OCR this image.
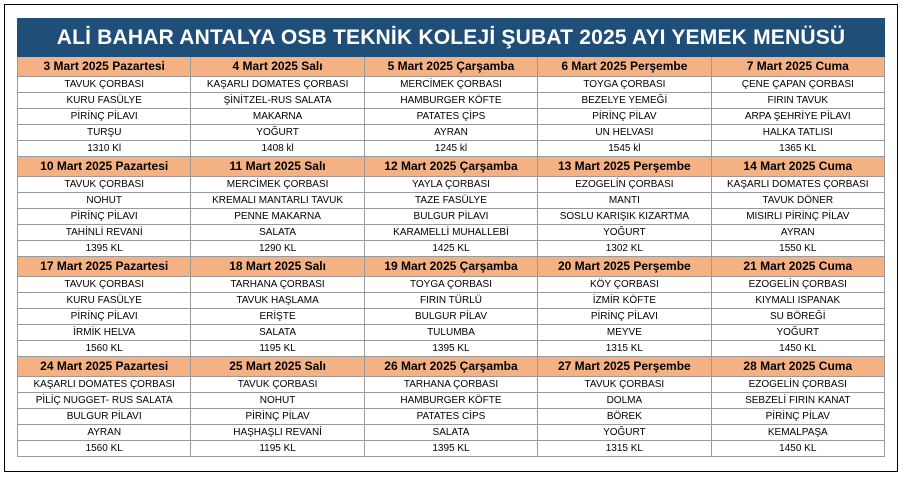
ALİ BAHAR ANTALYA OSB TEKNİK KOLEJİ ŞUBAT 2025 AYI YEMEK MENÜSÜ				
3 Mart 2025 Pazartesi	4 Mart 2025 Salı	5 Mart 2025 Çarşamba	6 Mart 2025 Perşembe	7 Mart 2025 Cuma
TAVUK ÇORBASI	KAŞARLI DOMATES ÇORBASI	MERCİMEK ÇORBASI	TOYGA ÇORBASI	ÇENE ÇAPAN ÇORBASI
KURU FASÜLYE	ŞİNİTZEL-RUS SALATA	HAMBURGER KÖFTE	BEZELYE YEMEĞİ	FIRIN TAVUK
PİRİNÇ PİLAVI	MAKARNA	PATATES ÇİPS	PİRİNÇ PİLAV	ARPA ŞEHRİYE PİLAVI
TURŞU	YOĞURT	AYRAN	UN HELVASI	HALKA TATLISI
1310 Kl	1408 kl	1245 kl	1545 kl	1365 KL
10 Mart 2025 Pazartesi	11 Mart 2025 Salı	12 Mart 2025 Çarşamba	13 Mart 2025 Perşembe	14 Mart 2025 Cuma
TAVUK ÇORBASI	MERCİMEK ÇORBASI	YAYLA ÇORBASI	EZOGELİN ÇORBASI	KAŞARLI DOMATES ÇORBASI
NOHUT	KREMALI MANTARLI TAVUK	TAZE FASÜLYE	MANTI	TAVUK DÖNER
PİRİNÇ PİLAVI	PENNE MAKARNA	BULGUR PİLAVI	SOSLU KARIŞIK KIZARTMA	MISIRLI PİRİNÇ PİLAV
TAHİNLİ REVANİ	SALATA	KARAMELLİ MUHALLEBİ	YOĞURT	AYRAN
1395 KL	1290 KL	1425 KL	1302 KL	1550 KL
17 Mart 2025 Pazartesi	18 Mart 2025 Salı	19 Mart 2025 Çarşamba	20 Mart 2025 Perşembe	21 Mart 2025 Cuma
TAVUK ÇORBASI	TARHANA ÇORBASI	TOYGA ÇORBASI	KÖY ÇORBASI	EZOGELİN ÇORBASI
KURU FASÜLYE	TAVUK HAŞLAMA	FIRIN TÜRLÜ	İZMİR KÖFTE	KIYMALI ISPANAK
PİRİNÇ PİLAVI	ERİŞTE	BULGUR PİLAV	PİRİNÇ PİLAVI	SU BÖREĞİ
İRMİK HELVA	SALATA	TULUMBA	MEYVE	YOĞURT
1560 KL	1195 KL	1395 KL	1315 KL	1450 KL
24 Mart 2025 Pazartesi	25 Mart 2025 Salı	26 Mart 2025 Çarşamba	27 Mart 2025 Perşembe	28 Mart 2025 Cuma
KAŞARLI DOMATES ÇORBASI	TAVUK ÇORBASI	TARHANA ÇORBASI	TAVUK ÇORBASI	EZOGELİN ÇORBASI
PİLİÇ NUGGET- RUS SALATA	NOHUT	HAMBURGER KÖFTE	DOLMA	SEBZELİ FIRIN KANAT
BULGUR PİLAVI	PİRİNÇ PİLAV	PATATES CİPS	BÖREK	PİRİNÇ PİLAV
AYRAN	HAŞHAŞLI REVANİ	SALATA	YOĞURT	KEMALPAŞA
1560 KL	1195 KL	1395 KL	1315 KL	1450 KL
